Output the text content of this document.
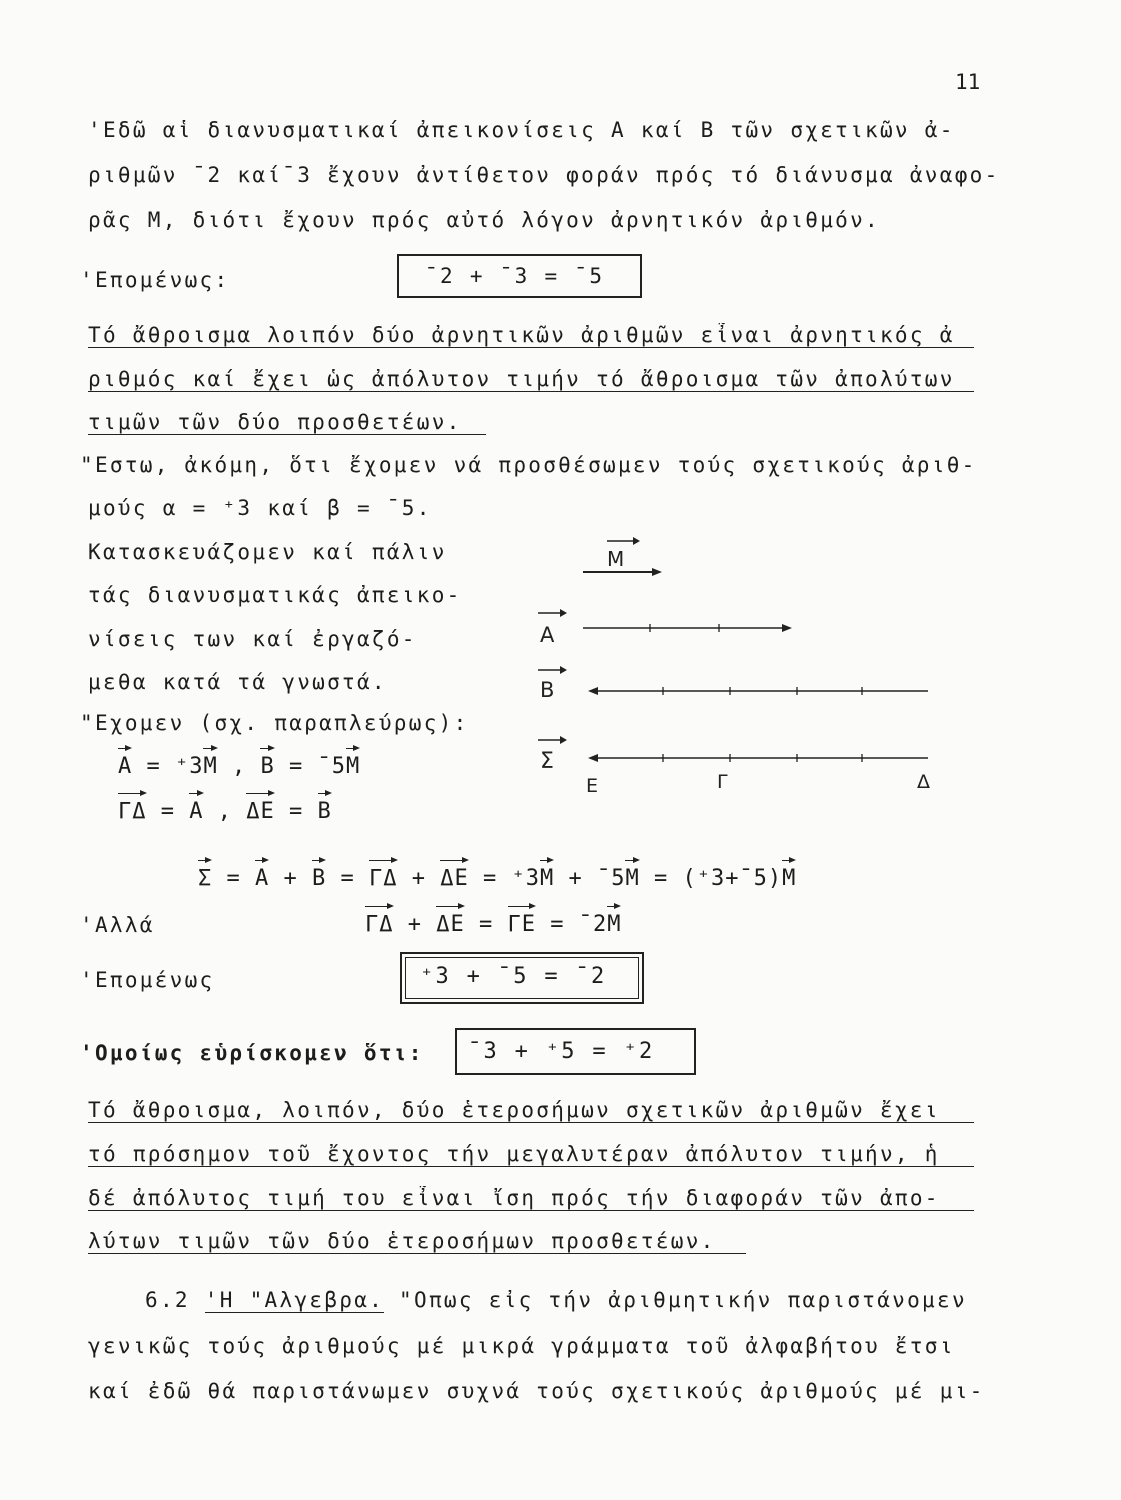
11
'Εδῶ αἱ διανυσματικαί ἀπεικονίσεις Α καί Β τῶν σχετικῶν ἀ-
ριθμῶν ¯2 καί¯3 ἔχουν ἀντίθετον φοράν πρός τό διάνυσμα ἀναφο-
ρᾶς M, διότι ἔχουν πρός αὐτό λόγον ἀρνητικόν ἀριθμόν.
'Επομένως:	¯2 + ¯3 = ¯5
Τό ἄθροισμα λοιπόν δύο ἀρνητικῶν ἀριθμῶν εἶναι ἀρνητικός ἀ
ριθμός καί ἔχει ὡς ἀπόλυτον τιμήν τό ἄθροισμα τῶν ἀπολύτων
τιμῶν τῶν δύο προσθετέων.
"Εστω, ἀκόμη, ὅτι ἔχομεν νά προσθέσωμεν τούς σχετικούς ἀριθ-
μούς α = ⁺3 καί β = ¯5.
Κατασκευάζομεν καί πάλιν
τάς διανυσματικάς ἀπεικο-
νίσεις των καί ἐργαζό-
μεθα κατά τά γνωστά.
"Εχομεν (σχ. παραπλεύρως):
A = ⁺3M , B = ¯5M
ΓΔ = A , ΔE = B
M
A
B
Σ
E	Γ	Δ
Σ = A + B = ΓΔ + ΔE = ⁺3M + ¯5M = (⁺3+¯5)M
'Αλλά	ΓΔ + ΔE = ΓE = ¯2M
'Επομένως	⁺3 + ¯5 = ¯2
'Ομοίως εὑρίσκομεν ὅτι: ¯3 + ⁺5 = ⁺2
Τό ἄθροισμα, λοιπόν, δύο ἑτεροσήμων σχετικῶν ἀριθμῶν ἔχει
τό πρόσημον τοῦ ἔχοντος τήν μεγαλυτέραν ἀπόλυτον τιμήν, ἡ
δέ ἀπόλυτος τιμή του εἶναι ἴση πρός τήν διαφοράν τῶν ἀπο-
λύτων τιμῶν τῶν δύο ἑτεροσήμων προσθετέων.
6.2 'Η "Αλγεβρα. "Οπως εἰς τήν ἀριθμητικήν παριστάνομεν
γενικῶς τούς ἀριθμούς μέ μικρά γράμματα τοῦ ἀλφαβήτου ἔτσι
καί ἐδῶ θά παριστάνωμεν συχνά τούς σχετικούς ἀριθμούς μέ μι-
